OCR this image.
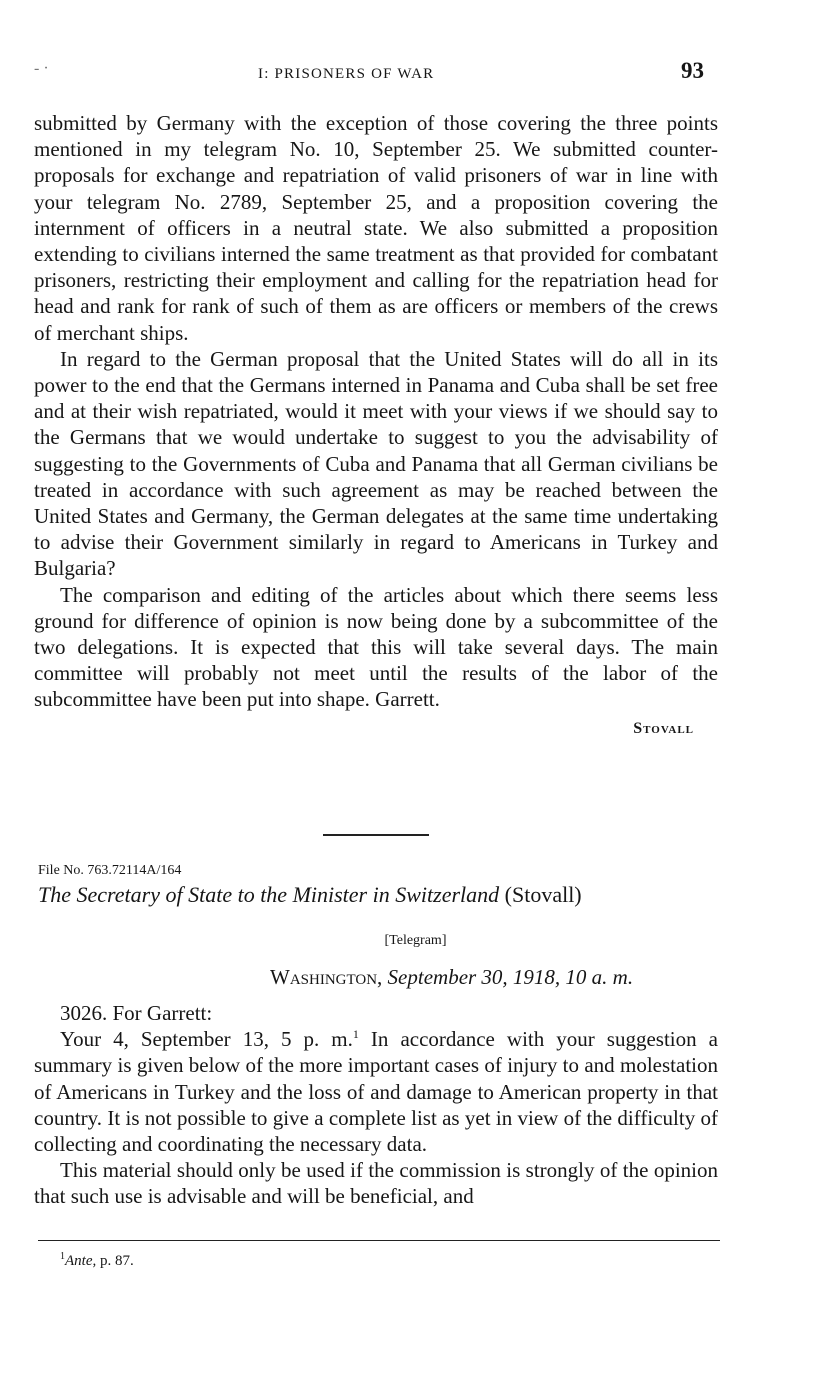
- ·	I: PRISONERS OF WAR	93

submitted by Germany with the exception of those covering the three points mentioned in my telegram No. 10, September 25. We submitted counter-proposals for exchange and repatriation of valid prisoners of war in line with your telegram No. 2789, September 25, and a proposition covering the internment of officers in a neutral state. We also submitted a proposition extending to civilians interned the same treatment as that provided for combatant prisoners, restricting their employment and calling for the repatriation head for head and rank for rank of such of them as are officers or members of the crews of merchant ships.

In regard to the German proposal that the United States will do all in its power to the end that the Germans interned in Panama and Cuba shall be set free and at their wish repatriated, would it meet with your views if we should say to the Germans that we would undertake to suggest to you the advisability of suggesting to the Governments of Cuba and Panama that all German civilians be treated in accordance with such agreement as may be reached between the United States and Germany, the German delegates at the same time undertaking to advise their Government similarly in regard to Americans in Turkey and Bulgaria?

The comparison and editing of the articles about which there seems less ground for difference of opinion is now being done by a subcommittee of the two delegations. It is expected that this will take several days. The main committee will probably not meet until the results of the labor of the subcommittee have been put into shape. Garrett.

Stovall
File No. 763.72114A/164
The Secretary of State to the Minister in Switzerland (Stovall)
[Telegram]
Washington, September 30, 1918, 10 a. m.

3026. For Garrett:

Your 4, September 13, 5 p. m.$^1$ In accordance with your suggestion a summary is given below of the more important cases of injury to and molestation of Americans in Turkey and the loss of and damage to American property in that country. It is not possible to give a complete list as yet in view of the difficulty of collecting and coordinating the necessary data.

This material should only be used if the commission is strongly of the opinion that such use is advisable and will be beneficial, and

$^1$Ante, p. 87.
